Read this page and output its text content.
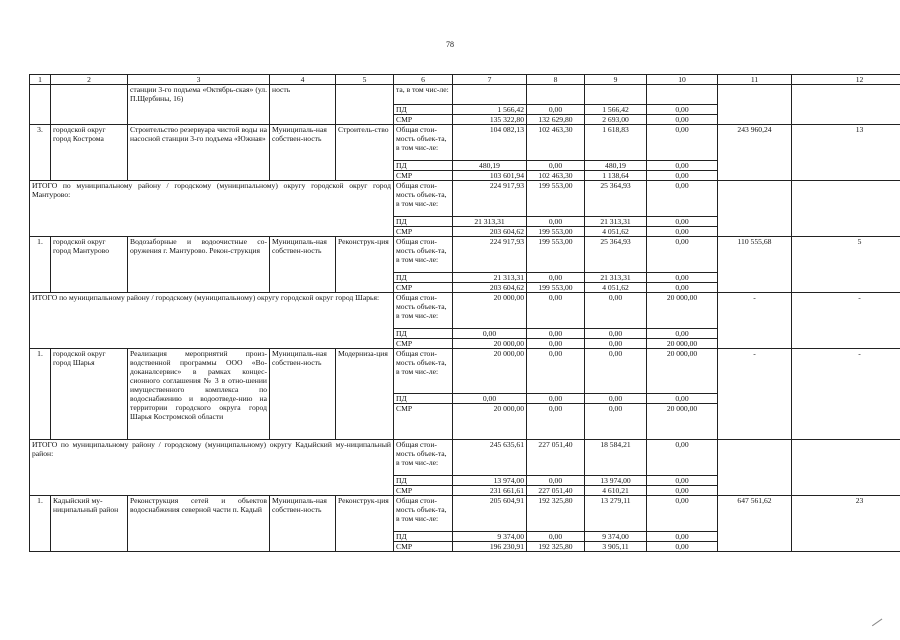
78
1	2	3	4	5	6	7	8	9	10	11	12
		станции 3-го подъема «Октябрь-ская» (ул. П.Щербины, 16)	ность		та, в том чис-ле:						
					ПД	1 566,42	0,00	1 566,42	0,00		
					СМР	135 322,80	132 629,80	2 693,00	0,00		
3.	городской округ город Кострома	Строительство резервуара чистой воды на насосной станции 3-го подъема «Южная»	Муниципаль-ная собствен-ность	Строитель-ство	Общая стои-мость объек-та, в том чис-ле:	104 082,13	102 463,30	1 618,83	0,00	243 960,24	13
					ПД	480,19	0,00	480,19	0,00		
					СМР	103 601,94	102 463,30	1 138,64	0,00		
ИТОГО по муниципальному району / городскому (муниципальному) округу городской округ город Мантурово:					Общая стои-мость объек-та, в том чис-ле:	224 917,93	199 553,00	25 364,93	0,00		
					ПД	21 313,31	0,00	21 313,31	0,00		
					СМР	203 604,62	199 553,00	4 051,62	0,00		
1.	городской округ город Мантурово	Водозаборные и водоочистные со-оружения г. Мантурово. Рекон-струкция	Муниципаль-ная собствен-ность	Реконструк-ция	Общая стои-мость объек-та, в том чис-ле:	224 917,93	199 553,00	25 364,93	0,00	110 555,68	5
					ПД	21 313,31	0,00	21 313,31	0,00		
					СМР	203 604,62	199 553,00	4 051,62	0,00		
ИТОГО по муниципальному району / городскому (муниципальному) округу городской округ город Шарья:					Общая стои-мость объек-та, в том чис-ле:	20 000,00	0,00	0,00	20 000,00	-	-
					ПД	0,00	0,00	0,00	0,00		
					СМР	20 000,00	0,00	0,00	20 000,00		
1.	городской округ город Шарья	Реализация мероприятий произ-водственной программы ООО «Во-доканалсервис» в рамках концес-сионного соглашения № 3 в отно-шении имущественного комплекса по водоснабжению и водоотведе-нию на территории городского округа город Шарья Костромской области	Муниципаль-ная собствен-ность	Модерниза-ция	Общая стои-мость объек-та, в том чис-ле:	20 000,00	0,00	0,00	20 000,00	-	-
					ПД	0,00	0,00	0,00	0,00		
					СМР	20 000,00	0,00	0,00	20 000,00		
ИТОГО по муниципальному району / городскому (муниципальному) округу Кадыйский му-ниципальный район:					Общая стои-мость объек-та, в том чис-ле:	245 635,61	227 051,40	18 584,21	0,00		
					ПД	13 974,00	0,00	13 974,00	0,00		
					СМР	231 661,61	227 051,40	4 610,21	0,00		
1.	Кадыйский му-ниципальный район	Реконструкция сетей и объектов водоснабжения северной части п. Кадый	Муниципаль-ная собствен-ность	Реконструк-ция	Общая стои-мость объек-та, в том чис-ле:	205 604,91	192 325,80	13 279,11	0,00	647 561,62	23
					ПД	9 374,00	0,00	9 374,00	0,00		
					СМР	196 230,91	192 325,80	3 905,11	0,00		
